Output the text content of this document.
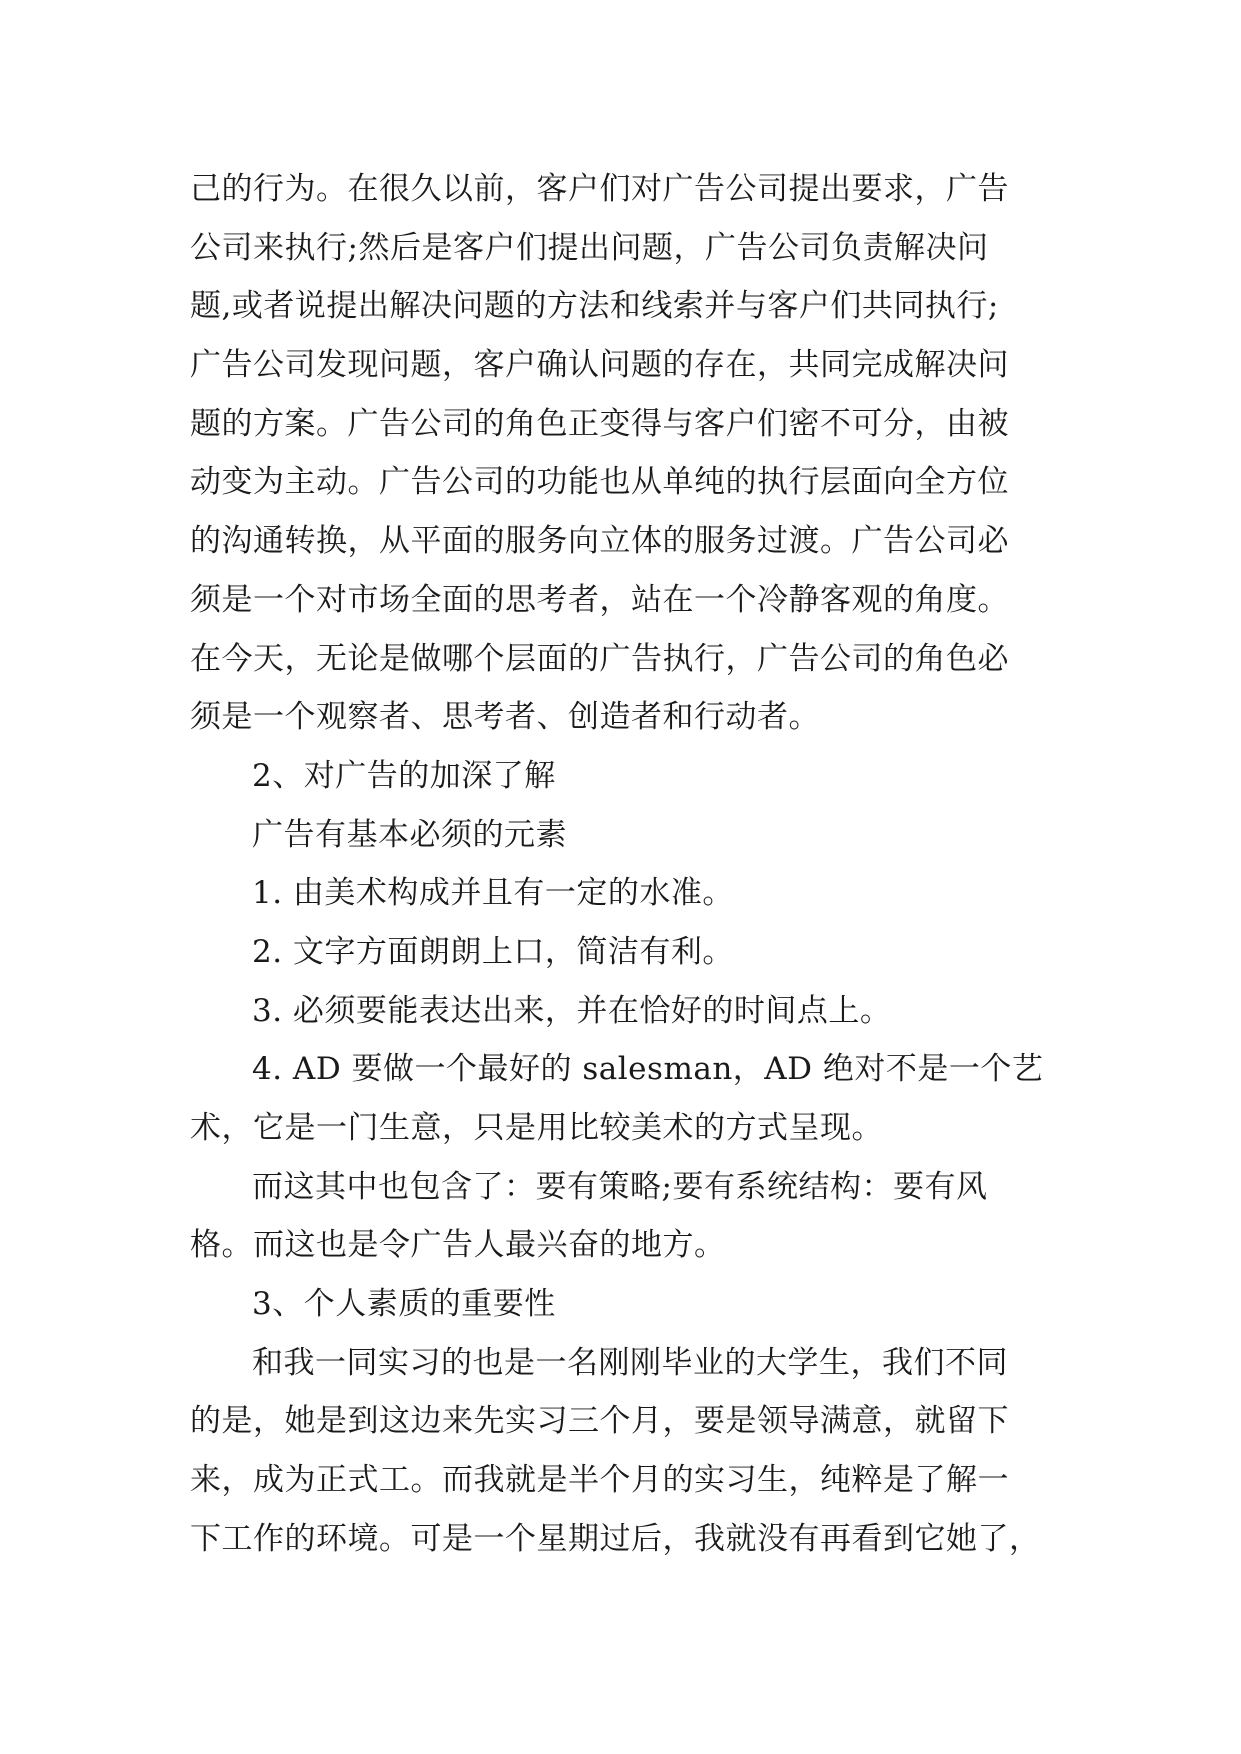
己的行为。在很久以前，客户们对广告公司提出要求，广告
公司来执行;然后是客户们提出问题，广告公司负责解决问
题,或者说提出解决问题的方法和线索并与客户们共同执行;
广告公司发现问题，客户确认问题的存在，共同完成解决问
题的方案。广告公司的角色正变得与客户们密不可分，由被
动变为主动。广告公司的功能也从单纯的执行层面向全方位
的沟通转换，从平面的服务向立体的服务过渡。广告公司必
须是一个对市场全面的思考者，站在一个冷静客观的角度。
在今天，无论是做哪个层面的广告执行，广告公司的角色必
须是一个观察者、思考者、创造者和行动者。
2、对广告的加深了解
广告有基本必须的元素
1. 由美术构成并且有一定的水准。
2. 文字方面朗朗上口，简洁有利。
3. 必须要能表达出来，并在恰好的时间点上。
4. AD 要做一个最好的 salesman，AD 绝对不是一个艺
术，它是一门生意，只是用比较美术的方式呈现。
而这其中也包含了：要有策略;要有系统结构：要有风
格。而这也是令广告人最兴奋的地方。
3、个人素质的重要性
和我一同实习的也是一名刚刚毕业的大学生，我们不同
的是，她是到这边来先实习三个月，要是领导满意，就留下
来，成为正式工。而我就是半个月的实习生，纯粹是了解一
下工作的环境。可是一个星期过后，我就没有再看到它她了，
